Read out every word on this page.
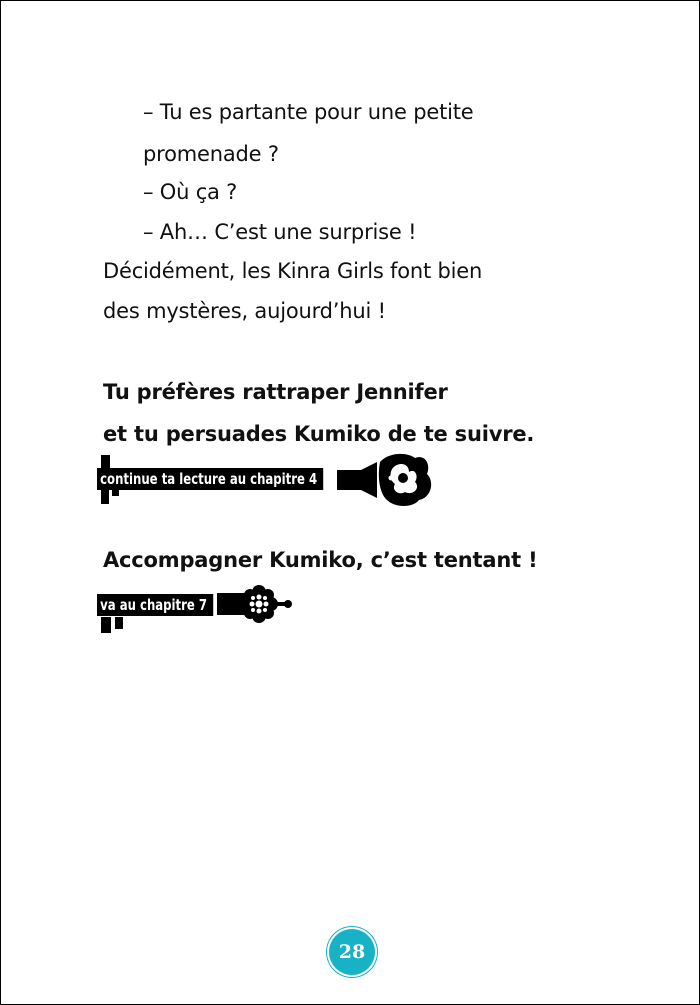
– Tu es partante pour une petite
promenade ?
– Où ça ?
– Ah… C’est une surprise !
Décidément, les Kinra Girls font bien
des mystères, aujourd’hui !
Tu préfères rattraper Jennifer
et tu persuades Kumiko de te suivre.
continue ta lecture au chapitre 4
Accompagner Kumiko, c’est tentant !
va au chapitre 7
28
